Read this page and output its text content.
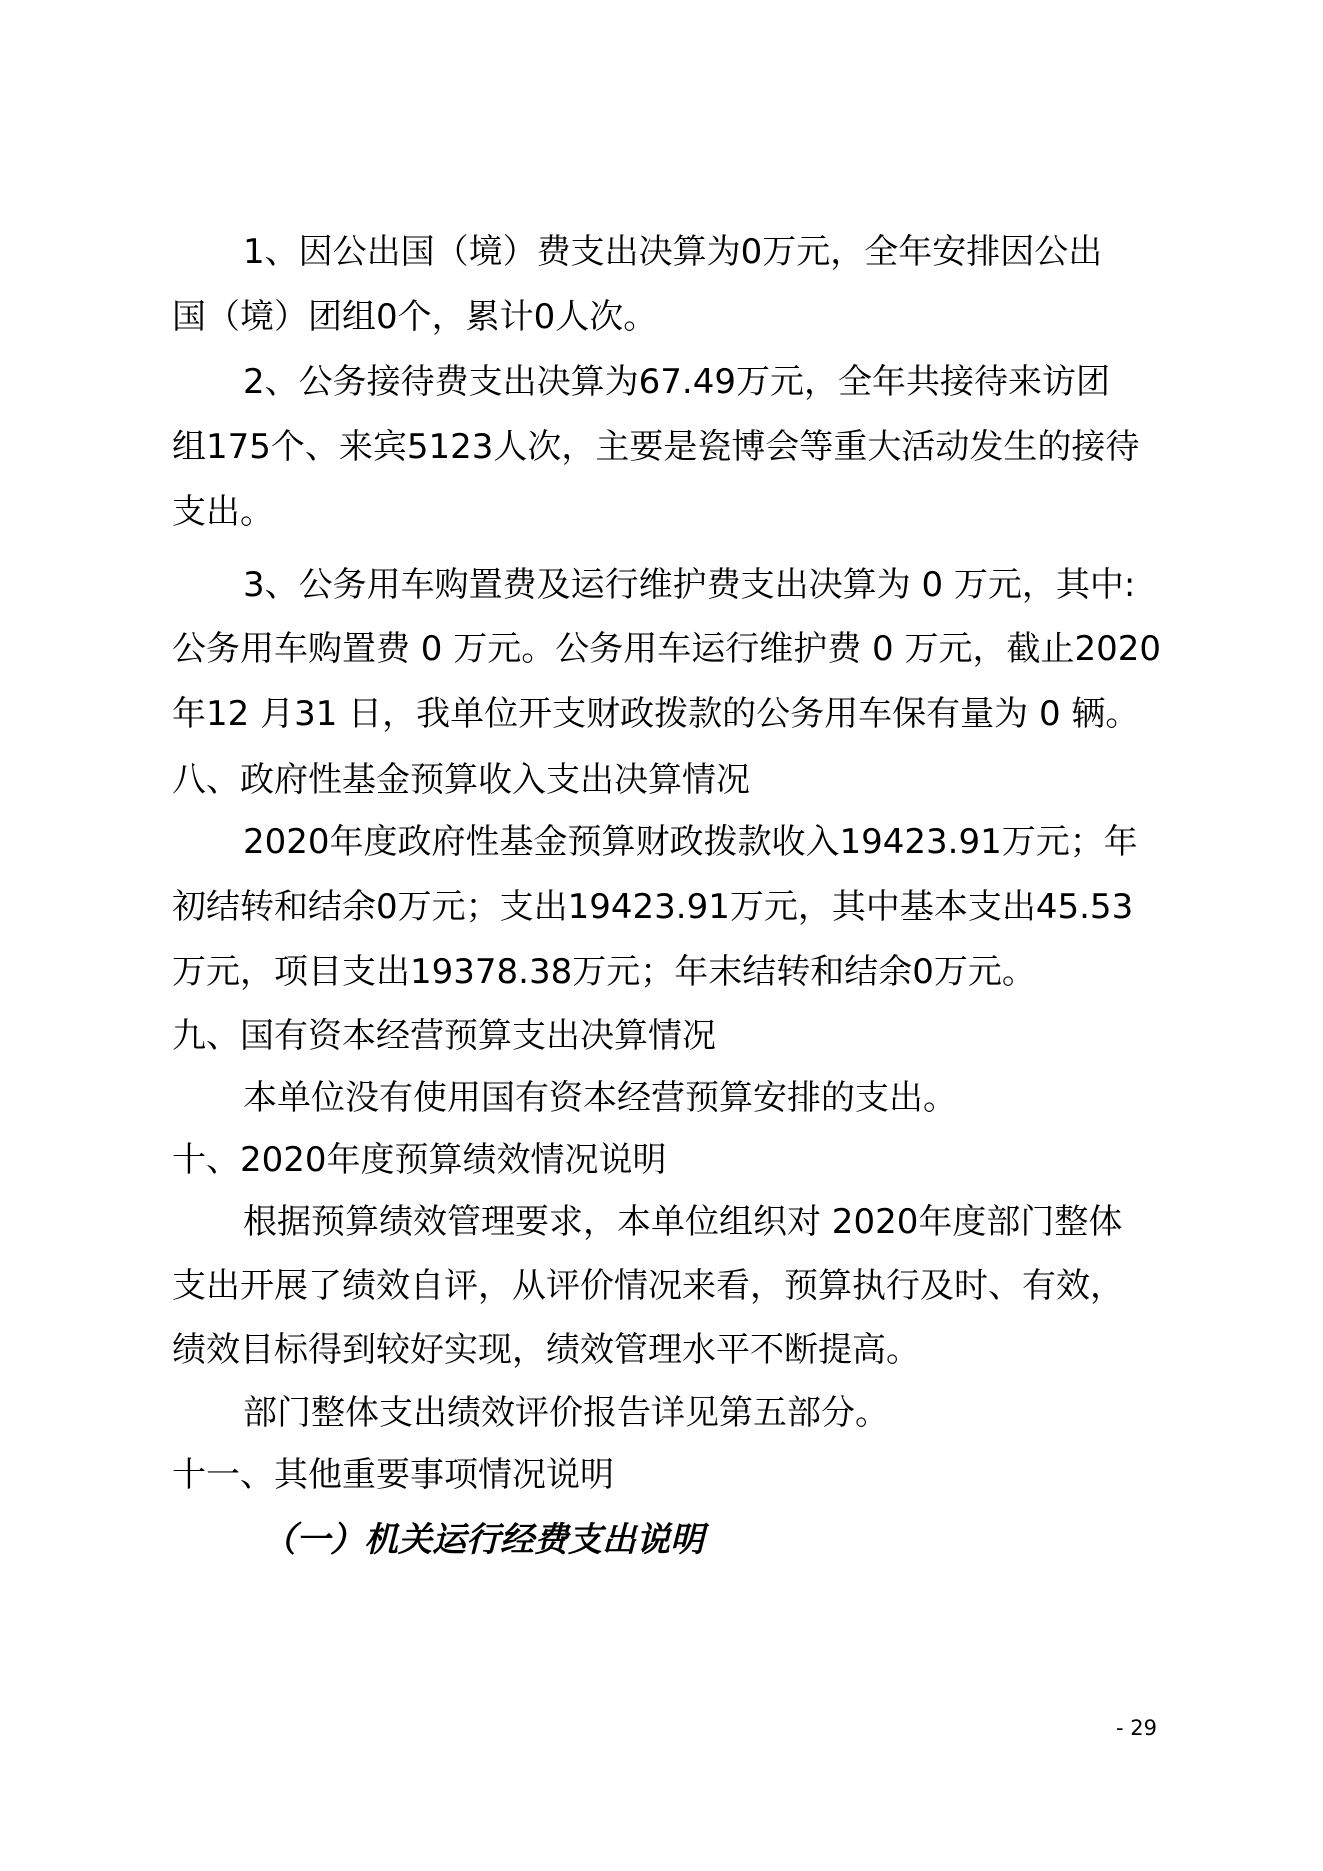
1、因公出国（境）费支出决算为0万元，全年安排因公出
国（境）团组0个，累计0人次。
2、公务接待费支出决算为67.49万元，全年共接待来访团
组175个、来宾5123人次，主要是瓷博会等重大活动发生的接待
支出。
3、公务用车购置费及运行维护费支出决算为 0 万元，其中:
公务用车购置费 0 万元。公务用车运行维护费 0 万元，截止2020
年12 月31 日，我单位开支财政拨款的公务用车保有量为 0 辆。
八、政府性基金预算收入支出决算情况
2020年度政府性基金预算财政拨款收入19423.91万元；年
初结转和结余0万元；支出19423.91万元，其中基本支出45.53
万元，项目支出19378.38万元；年末结转和结余0万元。
九、国有资本经营预算支出决算情况
本单位没有使用国有资本经营预算安排的支出。
十、2020年度预算绩效情况说明
根据预算绩效管理要求，本单位组织对 2020年度部门整体
支出开展了绩效自评，从评价情况来看，预算执行及时、有效，
绩效目标得到较好实现，绩效管理水平不断提高。
部门整体支出绩效评价报告详见第五部分。
十一、其他重要事项情况说明
（一）机关运行经费支出说明
- 29
